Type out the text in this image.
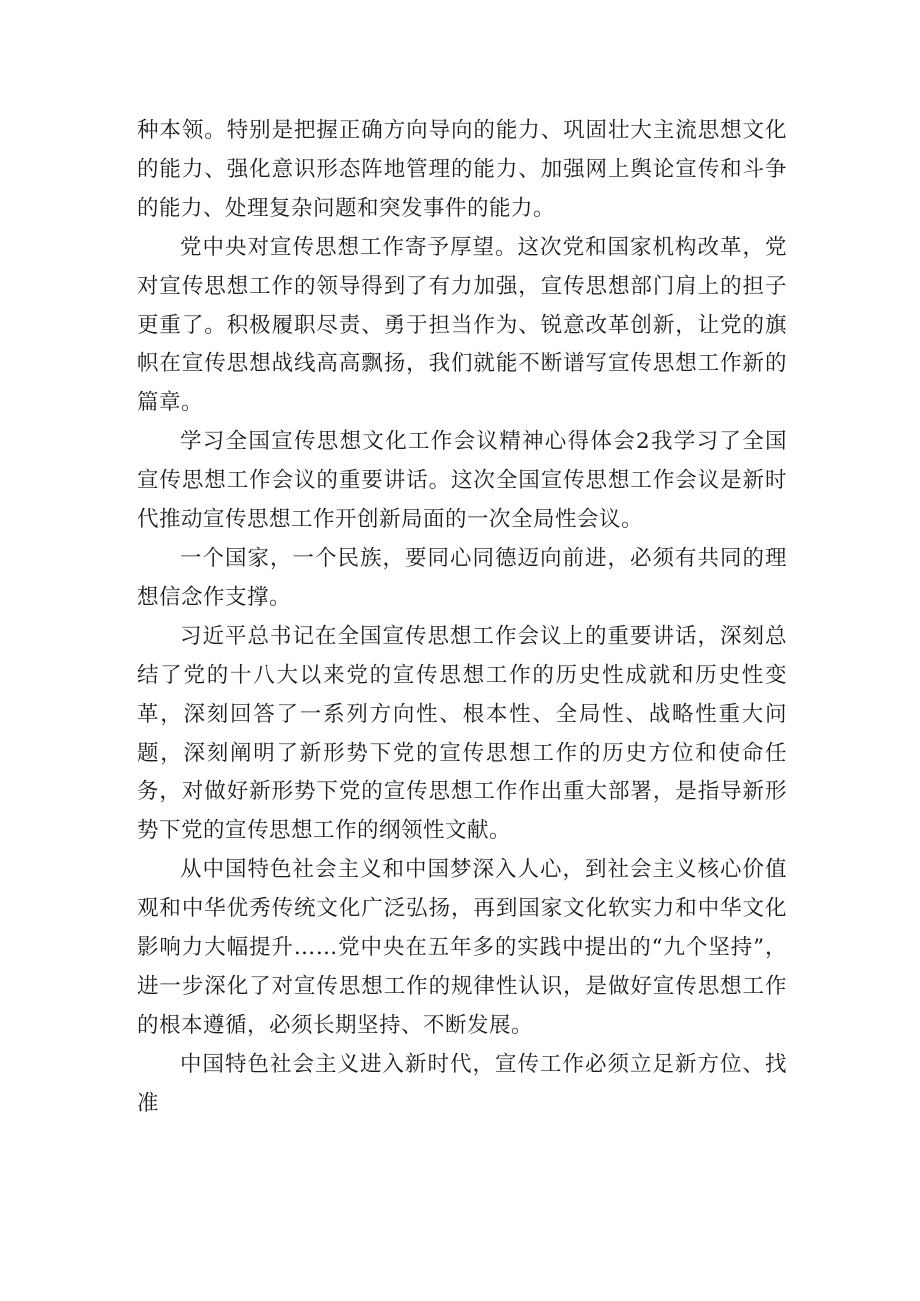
种本领。特别是把握正确方向导向的能力、巩固壮大主流思想文化的能力、强化意识形态阵地管理的能力、加强网上舆论宣传和斗争的能力、处理复杂问题和突发事件的能力。

党中央对宣传思想工作寄予厚望。这次党和国家机构改革，党对宣传思想工作的领导得到了有力加强，宣传思想部门肩上的担子更重了。积极履职尽责、勇于担当作为、锐意改革创新，让党的旗帜在宣传思想战线高高飘扬，我们就能不断谱写宣传思想工作新的篇章。

学习全国宣传思想文化工作会议精神心得体会2我学习了全国宣传思想工作会议的重要讲话。这次全国宣传思想工作会议是新时代推动宣传思想工作开创新局面的一次全局性会议。

一个国家，一个民族，要同心同德迈向前进，必须有共同的理想信念作支撑。

习近平总书记在全国宣传思想工作会议上的重要讲话，深刻总结了党的十八大以来党的宣传思想工作的历史性成就和历史性变革，深刻回答了一系列方向性、根本性、全局性、战略性重大问题，深刻阐明了新形势下党的宣传思想工作的历史方位和使命任务，对做好新形势下党的宣传思想工作作出重大部署，是指导新形势下党的宣传思想工作的纲领性文献。

从中国特色社会主义和中国梦深入人心，到社会主义核心价值观和中华优秀传统文化广泛弘扬，再到国家文化软实力和中华文化影响力大幅提升……党中央在五年多的实践中提出的“九个坚持”，进一步深化了对宣传思想工作的规律性认识，是做好宣传思想工作的根本遵循，必须长期坚持、不断发展。

中国特色社会主义进入新时代，宣传工作必须立足新方位、找准
